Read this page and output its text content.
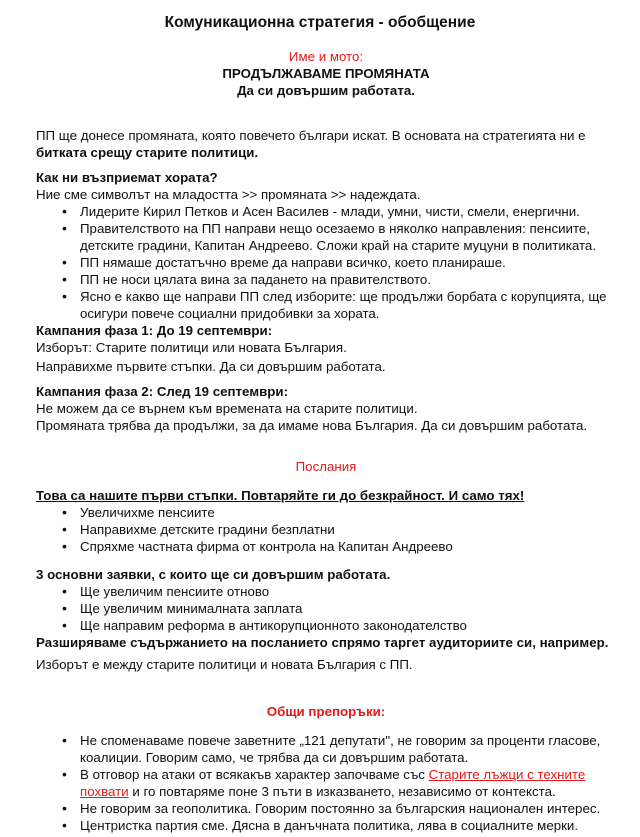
Комуникационна стратегия - обобщение

Име и мото:

ПРОДЪЛЖАВАМЕ ПРОМЯНАТА

Да си довършим работата.

ПП ще донесе промяната, която повечето българи искат. В основата на стратегията ни е

битката срещу старите политици.

Как ни възприемат хората?

Ние сме символът на младостта >> промяната >> надеждата.

• Лидерите Кирил Петков и Асен Василев - млади, умни, чисти, смели, енергични.
• Правителството на ПП направи нещо осезаемо в няколко направления: пенсиите, детските градини, Капитан Андреево. Сложи край на старите муцуни в политиката.
• ПП нямаше достатъчно време да направи всичко, което планираше.
• ПП не носи цялата вина за падането на правителството.
• Ясно е какво ще направи ПП след изборите: ще продължи борбата с корупцията, ще осигури повече социални придобивки за хората.

Кампания фаза 1: До 19 септември:

Изборът: Старите политици или новата България.

Направихме първите стъпки. Да си довършим работата.

Кампания фаза 2: След 19 септември:

Не можем да се върнем към времената на старите политици.

Промяната трябва да продължи, за да имаме нова България. Да си довършим работата.

Послания

Това са нашите първи стъпки. Повтаряйте ги до безкрайност. И само тях!

• Увеличихме пенсиите
• Направихме детските градини безплатни
• Спряхме частната фирма от контрола на Капитан Андреево

3 основни заявки, с които ще си довършим работата.

• Ще увеличим пенсиите отново
• Ще увеличим минималната заплата
• Ще направим реформа в антикорупционното законодателство

Разширяваме съдържанието на посланието спрямо таргет аудиториите си, например.

Изборът е между старите политици и новата България с ПП.
Общи препоръки:
• Не споменаваме повече заветните „121 депутати", не говорим за проценти гласове, коалиции. Говорим само, че трябва да си довършим работата.
• В отговор на атаки от всякакъв характер започваме със Старите лъжци с техните похвати и го повтаряме поне 3 пъти в изказването, независимо от контекста.
• Не говорим за геополитика. Говорим постоянно за българския национален интерес.
• Центристка партия сме. Дясна в данъчната политика, лява в социалните мерки.
